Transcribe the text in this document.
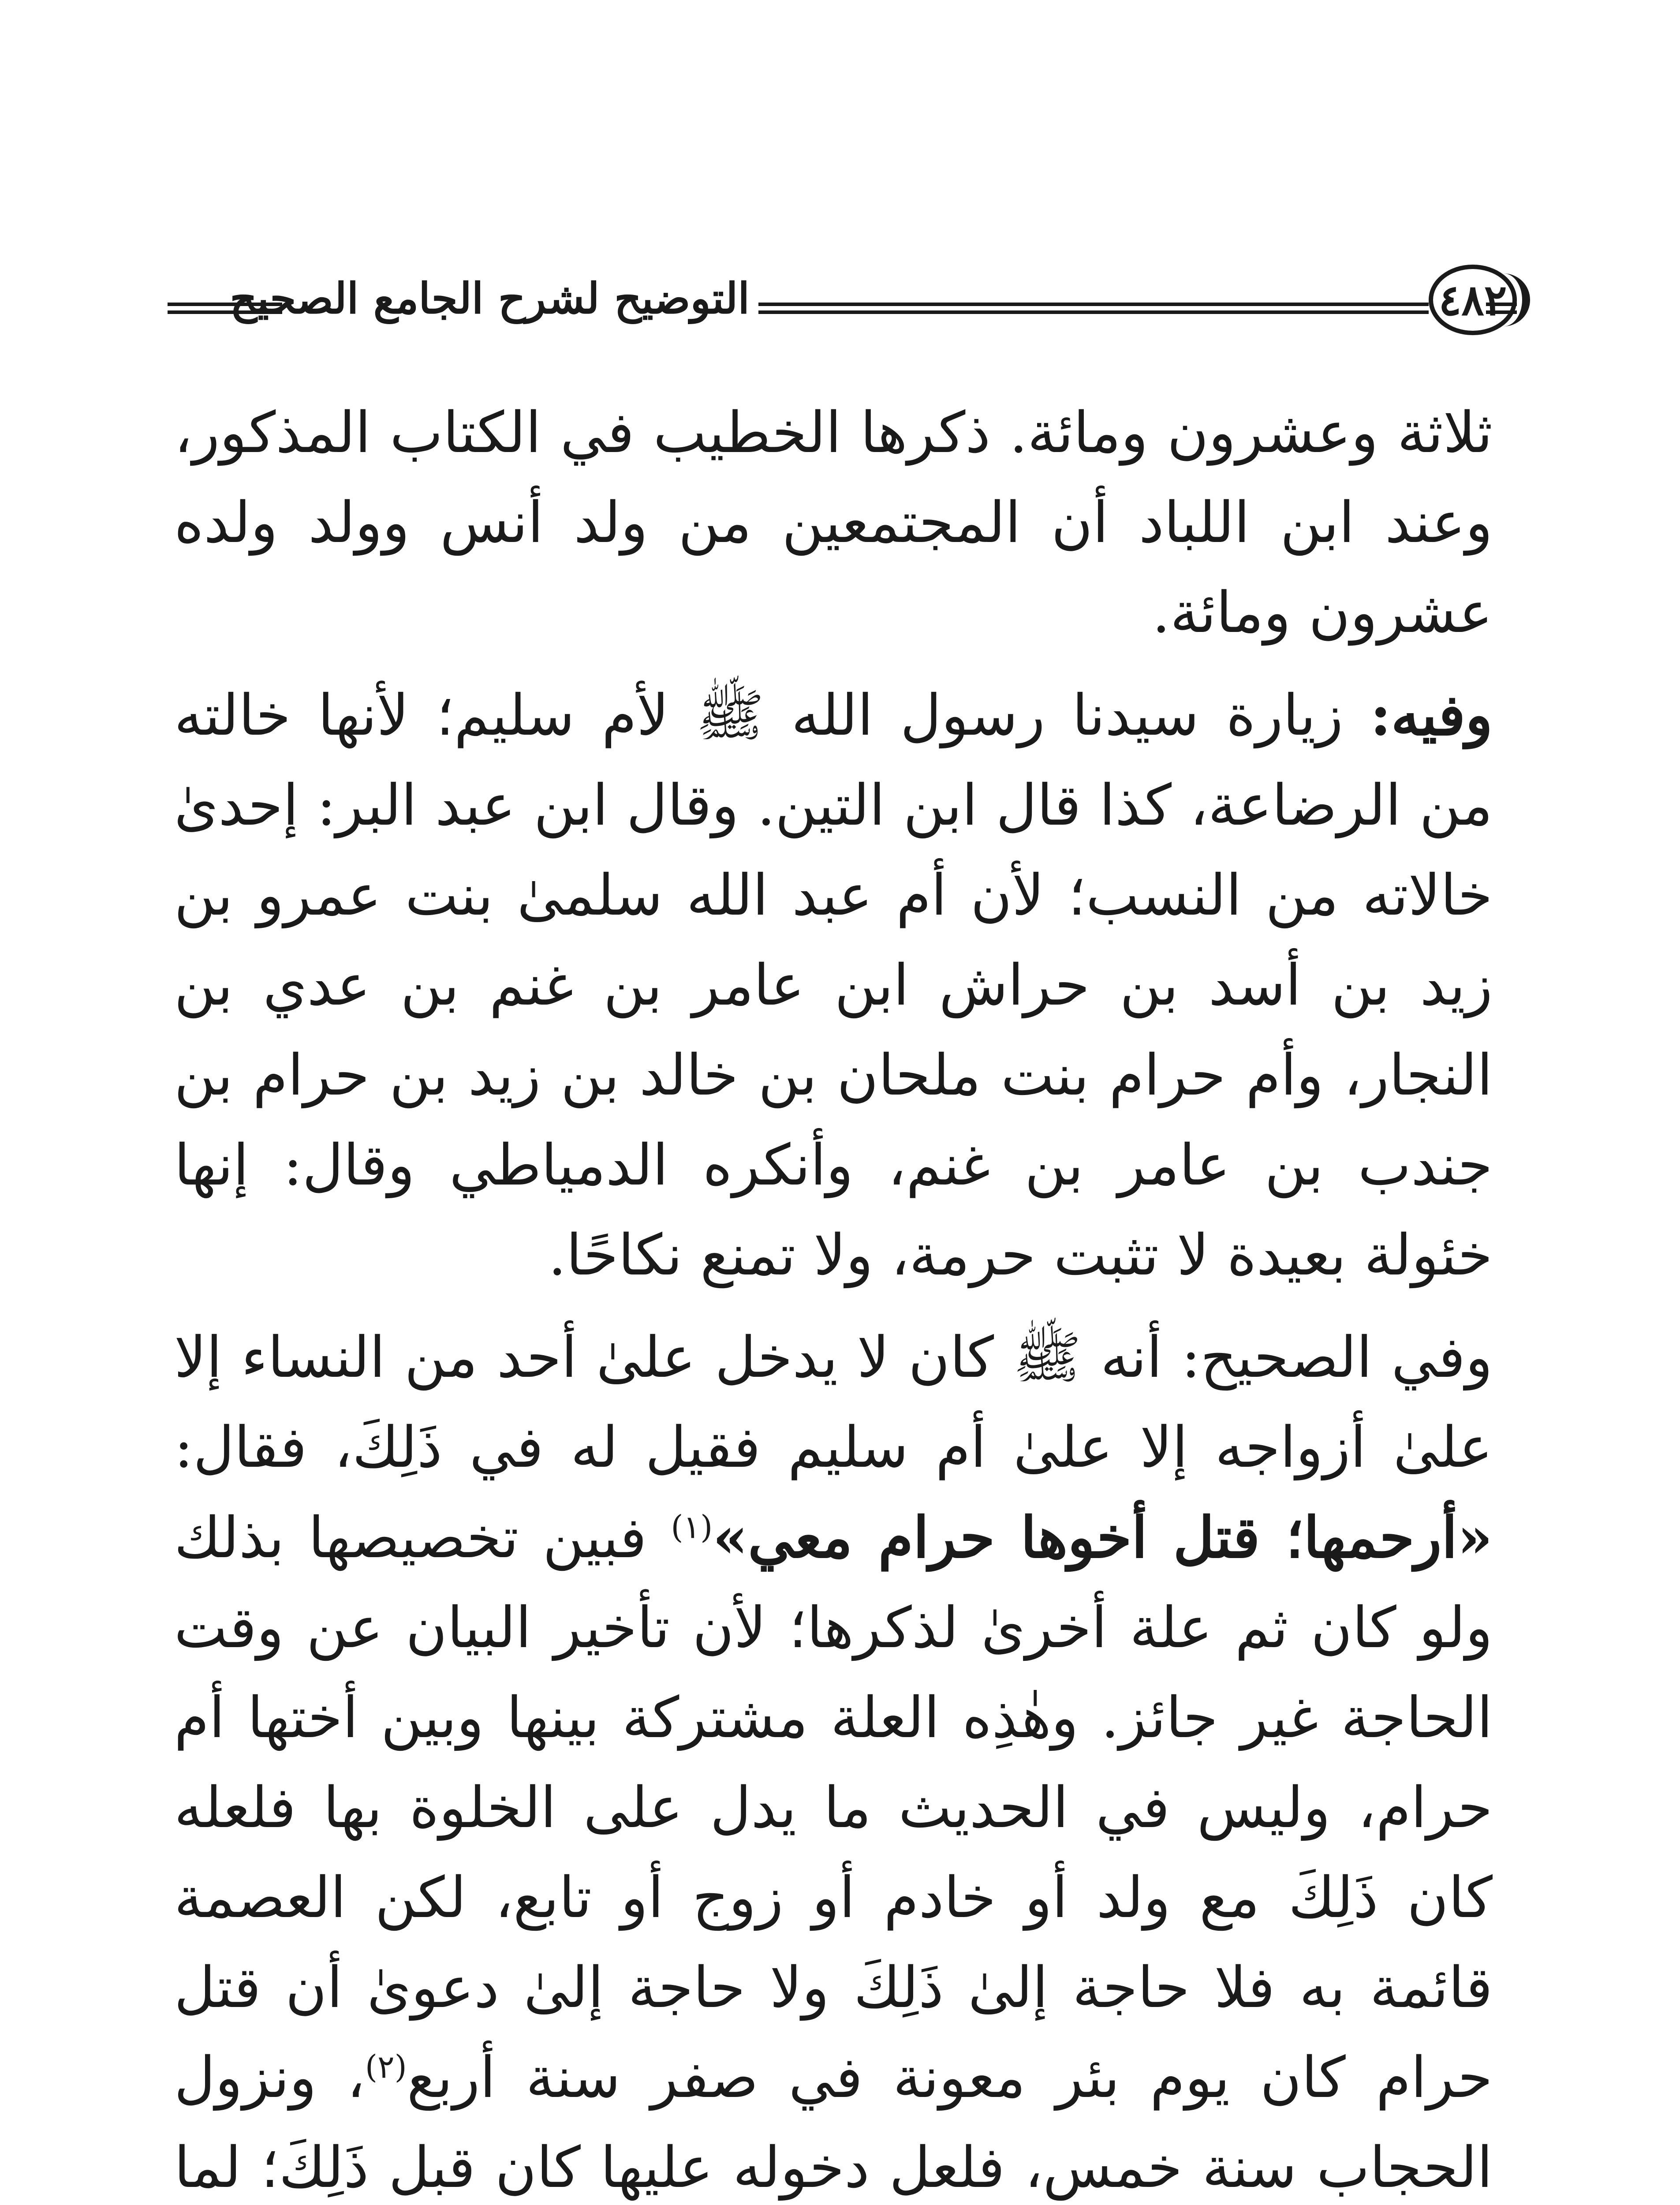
التوضيح لشرح الجامع الصحيح	٤٨٢

ثلاثة وعشرون ومائة. ذكرها الخطيب في الكتاب المذكور، وعند ابن اللباد أن المجتمعين من ولد أنس وولد ولده عشرون ومائة.

وفيه: زيارة سيدنا رسول الله ﷺ لأم سليم؛ لأنها خالته من الرضاعة، كذا قال ابن التين. وقال ابن عبد البر: إحدىٰ خالاته من النسب؛ لأن أم عبد الله سلمىٰ بنت عمرو بن زيد بن أسد بن حراش ابن عامر بن غنم بن عدي بن النجار، وأم حرام بنت ملحان بن خالد بن زيد بن حرام بن جندب بن عامر بن غنم، وأنكره الدمياطي وقال: إنها خئولة بعيدة لا تثبت حرمة، ولا تمنع نكاحًا.

وفي الصحيح: أنه ﷺ كان لا يدخل علىٰ أحد من النساء إلا علىٰ أزواجه إلا علىٰ أم سليم فقيل له في ذَلِكَ، فقال: «أرحمها؛ قتل أخوها حرام معي»$^{(١)}$ فبين تخصيصها بذلك ولو كان ثم علة أخرىٰ لذكرها؛ لأن تأخير البيان عن وقت الحاجة غير جائز. وهٰذِه العلة مشتركة بينها وبين أختها أم حرام، وليس في الحديث ما يدل على الخلوة بها فلعله كان ذَلِكَ مع ولد أو خادم أو زوج أو تابع، لكن العصمة قائمة به فلا حاجة إلىٰ ذَلِكَ ولا حاجة إلىٰ دعوىٰ أن قتل حرام كان يوم بئر معونة في صفر سنة أربع$^{(٢)}$، ونزول الحجاب سنة خمس، فلعل دخوله عليها كان قبل ذَلِكَ؛ لما
